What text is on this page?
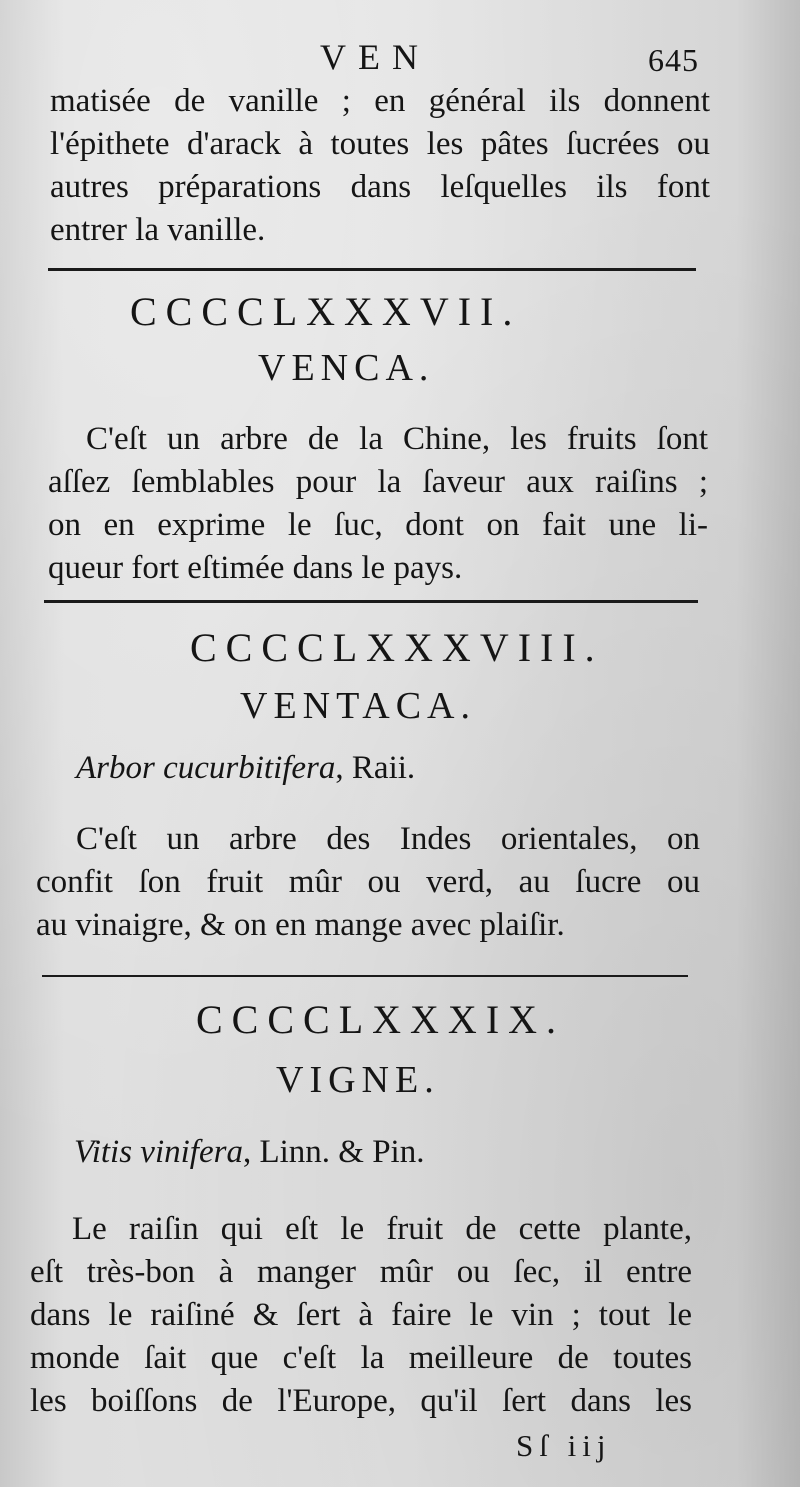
VEN	645
matisée de vanille ; en général ils donnent
l'épithete d'arack à toutes les pâtes ſucrées ou
autres préparations dans leſquelles ils font
entrer la vanille.
CCCCLXXXVII.
VENCA.
C'eſt un arbre de la Chine, les fruits ſont
aſſez ſemblables pour la ſaveur aux raiſins ;
on en exprime le ſuc, dont on fait une li-
queur fort eſtimée dans le pays.
CCCCLXXXVIII.
VENTACA.
Arbor cucurbitifera, Raii.
C'eſt un arbre des Indes orientales, on
confit ſon fruit mûr ou verd, au ſucre ou
au vinaigre, & on en mange avec plaiſir.
CCCCLXXXIX.
VIGNE.
Vitis vinifera, Linn. & Pin.
Le raiſin qui eſt le fruit de cette plante,
eſt très-bon à manger mûr ou ſec, il entre
dans le raiſiné & ſert à faire le vin ; tout le
monde ſait que c'eſt la meilleure de toutes
les boiſſons de l'Europe, qu'il ſert dans les
Sſ iij
